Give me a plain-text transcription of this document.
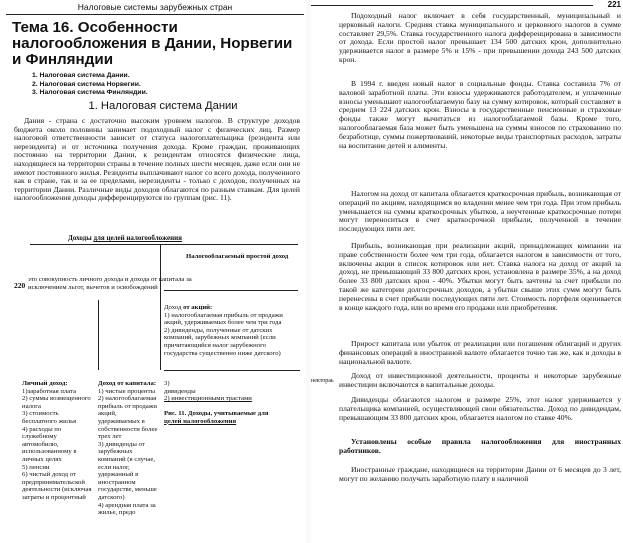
Налоговые системы зарубежных стран
Тема 16. Особенности налогообложения в Дании, Норвегии и Финляндии
1. Налоговая система Дании.
2. Налоговая система Норвегии.
3. Налоговая система Финляндии.
1. Налоговая система Дании

Дания - страна с достаточно высоким уровнем налогов. В структуре доходов бюджета около половины занимает подоходный налог с физических лиц. Размер налоговой ответственности зависит от статуса налогоплательщика (резидента или нерезидента) и от источника получения дохода. Кроме граждан, проживающих постоянно на территории Дании, к резидентам относятся физические лица, находящиеся на территории страны в течение полных шести месяцев, даже если они не имеют постоянного жилья. Резиденты выплачивают налог со всего дохода, полученного как в стране, так и за ее пределами, нерезиденты - только с доходов, полученных на территории Дании. Различные виды доходов облагаются по разным ставкам. Для целей налогообложения доходы дифференцируются по группам (рис. 11).

Доходы для целей налогообложения
Налогооблагаемый простой доход
это совокупность личного дохода и дохода от капитала за исключением льгот, вычетов и освобождений
220
Доход от акций:
1) налогооблагаемая прибыль от продажи акций, удерживаемых более чем три года
2) дивиденды, полученные от датских компаний, зарубежных компаний (если причитающийся налог зарубежного государства существенно ниже датского)
Личный доход:
1)заработная плата
2) суммы возмещенного налога
3) стоимость бесплатного жилья
4) расходы по служебному автомобилю, использованному в личных целях
5) пенсии
6) чистый доход от предпринимательской деятельности (исключая затраты и процентный
Доход от капитала:
1) чистые проценты
2) налогооблагаемая прибыль от продажи акций, удерживаемых в собственности более трех лет
3) дивиденды от зарубежных компаний (в случае, если налог, удержанный в иностранном государстве, меньше датского)
4) арендная плата за жилье, предо
3)
дивиденды
2) инвестиционными трастами
Рис. 11. Доходы, учитываемые для
целей налогообложения
221
нектораь

Подоходный налог включает в себя государственный, муниципальный и церковный налоги. Средняя ставка муниципального и церковного налогов в сумме составляет 29,5%. Ставка государственного налога дифференцирована в зависимости от дохода. Если простой налог превышает 134 500 датских крон, дополнительно удерживается налог в размере 5% и 15% - при превышении дохода 243 500 датских крон.

В 1994 г. введен новый налог в социальные фонды. Ставка составила 7% от валовой заработной платы. Эти взносы удерживаются работодателем, и уплаченные взносы уменьшают налогооблагаемую базу на сумму котировок, который составляет в среднем 13 224 датских крон. Взносы в государственные пенсионные и страховые фонды также могут вычитаться из налогооблагаемой базы. Кроме того, налогооблагаемая база может быть уменьшена на суммы взносов по страхованию по безработице, суммы пожертвований, некоторые виды транспортных расходов, затраты на воспитание детей и алименты.

Налогом на доход от капитала облагается краткосрочная прибыль, возникающая от операций по акциям, находящимся во владении менее чем три года. При этом прибыль уменьшается на суммы краткосрочных убытков, а неучтенные краткосрочные потери могут переноситься в счет краткосрочной прибыли, полученной в течение последующих пяти лет.

Прибыль, возникающая при реализации акций, принадлежащих компании на праве собственности более чем три года, облагается налогом в зависимости от того, включены акции в список котировок или нет. Ставка налога на доход от акций за доход, не превышающий 33 800 датских крон, установлена в размере 35%, а на доход более 33 800 датских крон - 40%. Убытки могут быть зачтены за счет прибыли по такой же категории долгосрочных доходов, а убытки свыше этих сумм могут быть перенесены в счет прибыли последующих пяти лет. Стоимость портфеля оценивается в конце каждого года, или во время его продажи или приобретения.

Прирост капитала или убыток от реализации или погашения облигаций и других финансовых операций в иностранной валюте облагается точно так же, как и доходы в национальной валюте.

Доход от инвестиционной деятельности, проценты и некоторые зарубежные инвестиции включаются в капитальные доходы.

Дивиденды облагаются налогом в размере 25%, этот налог удерживается у плательщика компанией, осуществляющей свои обязательства. Доход по дивидендам, превышающим 33 800 датских крон, облагается налогом по ставке 40%.

Установлены особые правила налогообложения для иностранных работников.

Иностранные граждане, находящиеся на территории Дании от 6 месяцев до 3 лет, могут по желанию получать заработную плату в наличной
